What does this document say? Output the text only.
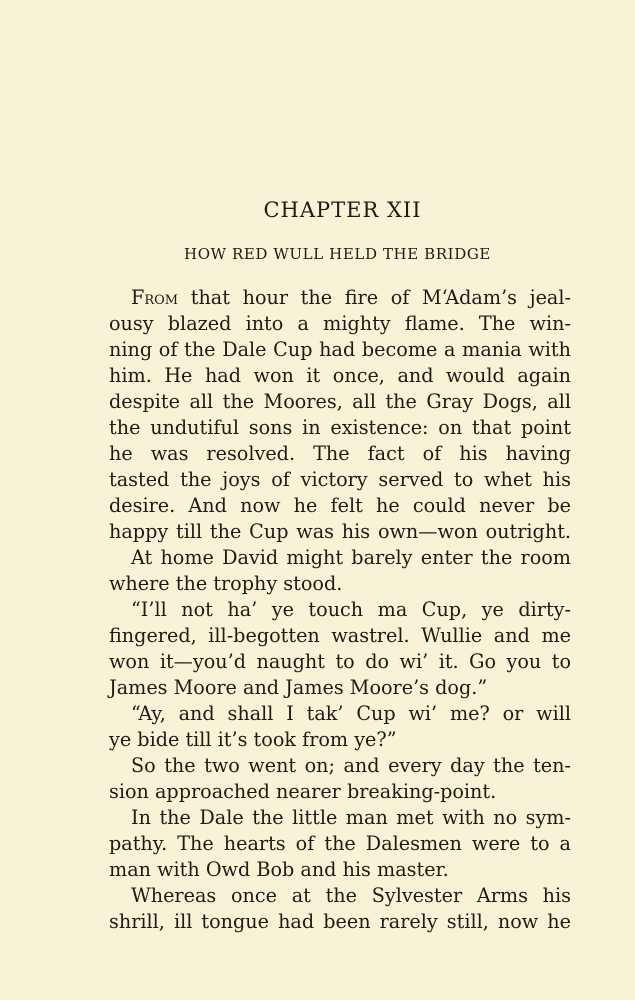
CHAPTER XII
HOW RED WULL HELD THE BRIDGE
From that hour the fire of M‘Adam’s jeal-
ousy blazed into a mighty flame. The win-
ning of the Dale Cup had become a mania with
him. He had won it once, and would again
despite all the Moores, all the Gray Dogs, all
the undutiful sons in existence: on that point
he was resolved. The fact of his having
tasted the joys of victory served to whet his
desire. And now he felt he could never be
happy till the Cup was his own—won outright.
At home David might barely enter the room
where the trophy stood.
“I’ll not ha’ ye touch ma Cup, ye dirty-
fingered, ill-begotten wastrel. Wullie and me
won it—you’d naught to do wi’ it. Go you to
James Moore and James Moore’s dog.”
“Ay, and shall I tak’ Cup wi’ me? or will
ye bide till it’s took from ye?”
So the two went on; and every day the ten-
sion approached nearer breaking-point.
In the Dale the little man met with no sym-
pathy. The hearts of the Dalesmen were to a
man with Owd Bob and his master.
Whereas once at the Sylvester Arms his
shrill, ill tongue had been rarely still, now he
